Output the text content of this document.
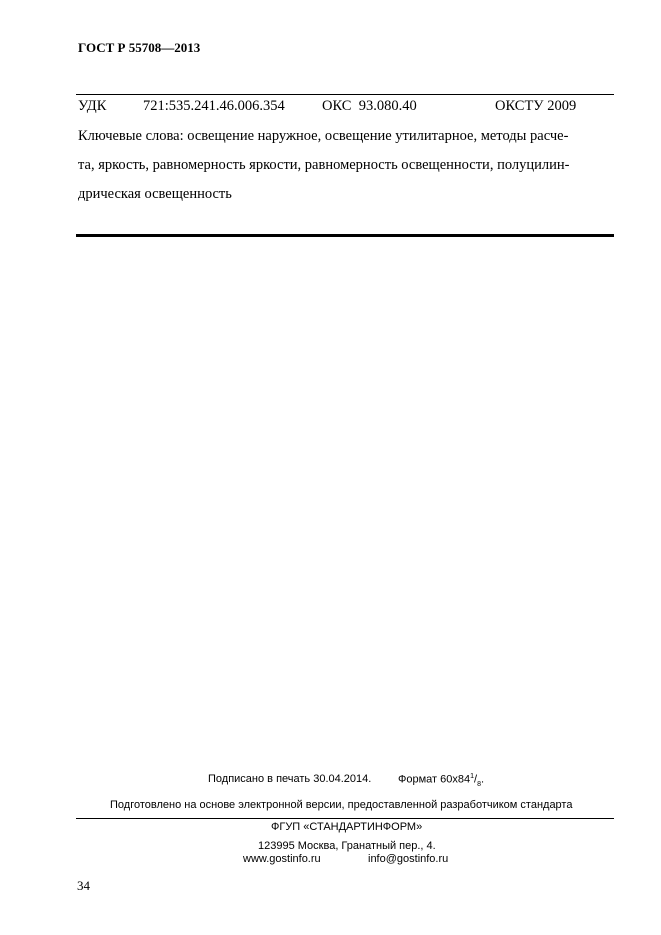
ГОСТ Р 55708—2013
УДК	721:535.241.46.006.354	ОКС  93.080.40	ОКСТУ 2009
Ключевые слова: освещение наружное, освещение утилитарное, методы расче-
та, яркость, равномерность яркости, равномерность освещенности, полуцилин-
дрическая освещенность
Подписано в печать 30.04.2014. Формат $60х84^1/_8$.
Подготовлено на основе электронной версии, предоставленной разработчиком стандарта
ФГУП «СТАНДАРТИНФОРМ»
123995 Москва, Гранатный пер., 4.
www.gostinfo.ru	info@gostinfo.ru
34
